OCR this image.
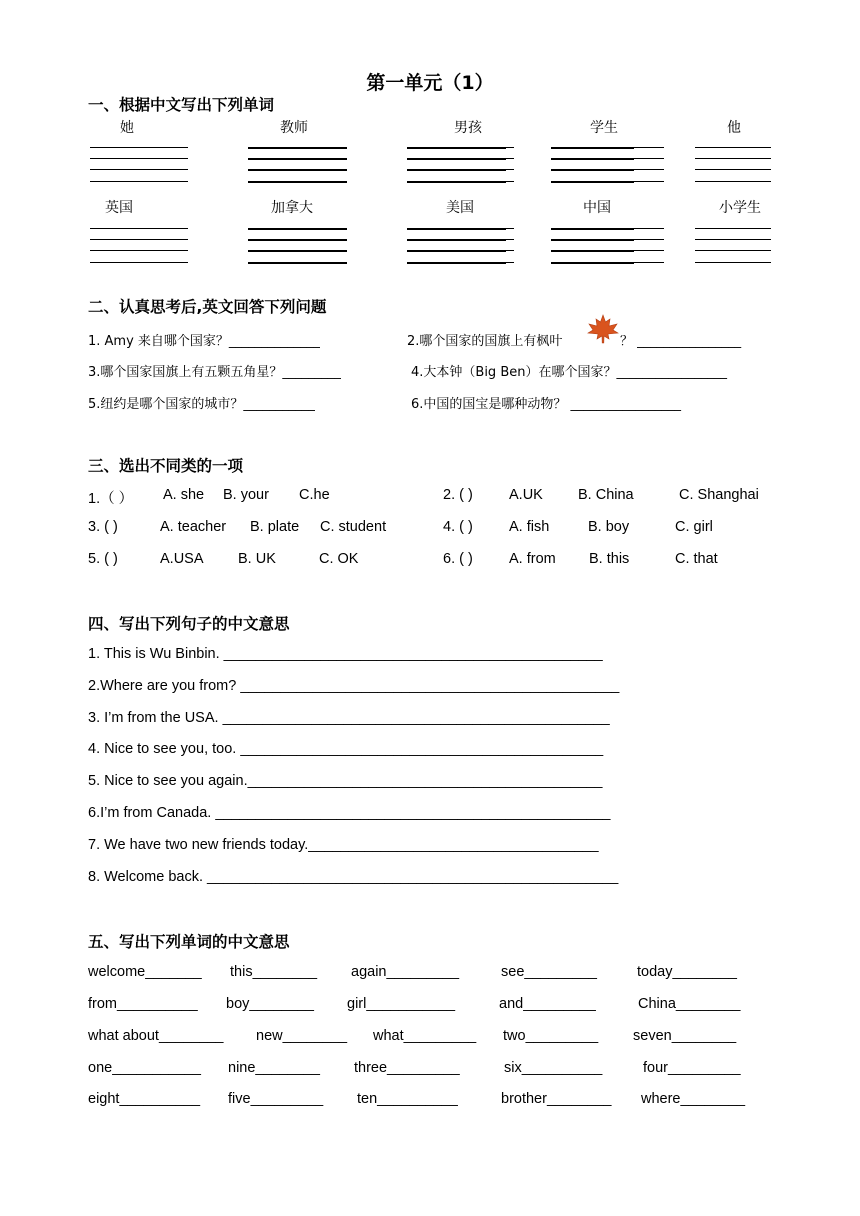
第一单元（1）
一、根据中文写出下列单词
她	教师	男孩	学生	他
英国	加拿大	美国	中国	小学生
二、认真思考后,英文回答下列问题
1. Amy 来自哪个国家？______________	2.哪个国家的国旗上有枫叶	？ ________________
3.哪个国家国旗上有五颗五角星？_________	4.大本钟（Big Ben）在哪个国家？_________________
5.纽约是哪个国家的城市？___________	6.中国的国宝是哪种动物？ _________________
三、选出不同类的一项
1.（ ） A. she B. your C.he	2. ( ) A.UK B. China	C. Shanghai
3. ( )	A. teacher B. plate C. student	4. ( ) A. fish	B. boy	C. girl
5. ( )	A.USA B. UK	C. OK	6. ( ) A. from B. this	C. that
四、写出下列句子的中文意思
1. This is Wu Binbin. _______________________________________________
2.Where are you from? _______________________________________________
3. I’m from the USA. ________________________________________________
4. Nice to see you, too. _____________________________________________
5. Nice to see you again.____________________________________________
6.I’m from Canada. _________________________________________________
7. We have two new friends today.____________________________________
8. Welcome back. ___________________________________________________
五、写出下列单词的中文意思
welcome_______ this________ again_________	see_________	today________
from__________ boy________ girl___________	and_________	China________
what about________ new________ what_________ two_________ seven________
one___________ nine________ three_________	six__________	four_________
eight__________ five_________ ten__________	brother________ where________
